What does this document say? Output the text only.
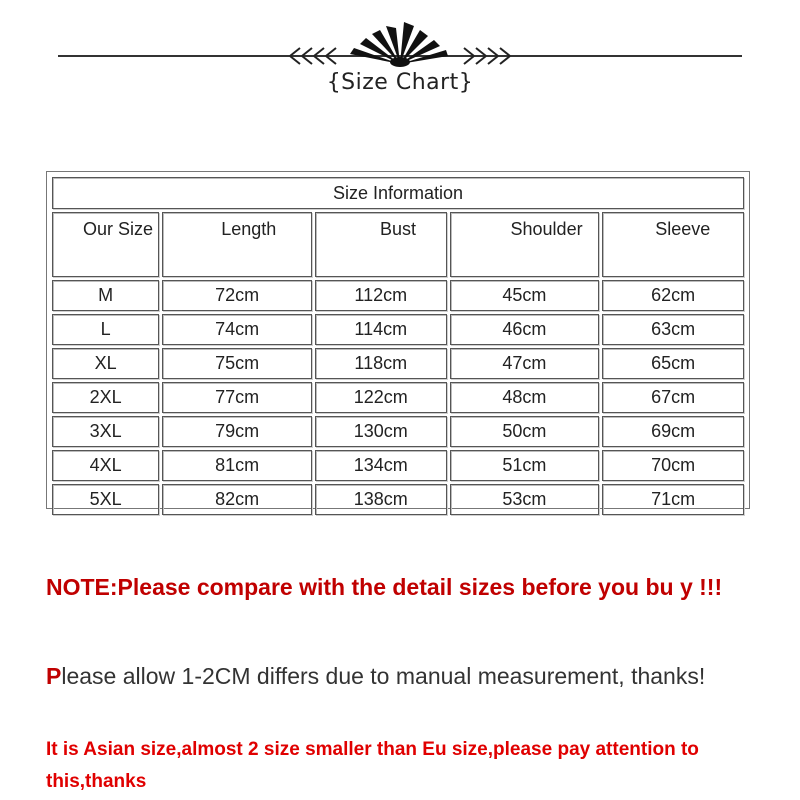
{Size Chart}
Size Information				
Our Size	Length	Bust	Shoulder	Sleeve
M	72cm	112cm	45cm	62cm
L	74cm	114cm	46cm	63cm
XL	75cm	118cm	47cm	65cm
2XL	77cm	122cm	48cm	67cm
3XL	79cm	130cm	50cm	69cm
4XL	81cm	134cm	51cm	70cm
5XL	82cm	138cm	53cm	71cm
NOTE:Please compare with the detail sizes before you bu y !!!
Please allow 1-2CM differs due to manual measurement, thanks!
It is Asian size,almost 2 size smaller than Eu size,please pay attention to this,thanks
